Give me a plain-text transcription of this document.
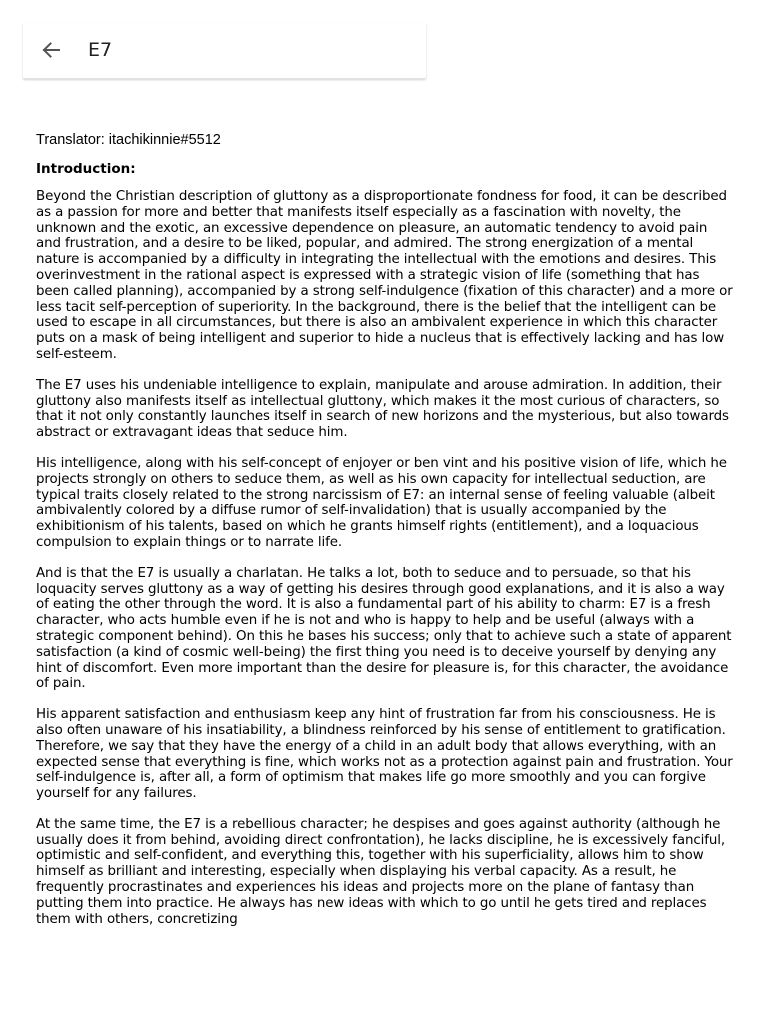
E7
Translator: itachikinnie#5512
Introduction:

Beyond the Christian description of gluttony as a disproportionate fondness for food, it can be described as a passion for more and better that manifests itself especially as a fascination with novelty, the unknown and the exotic, an excessive dependence on pleasure, an automatic tendency to avoid pain and frustration, and a desire to be liked, popular, and admired. The strong energization of a mental nature is accompanied by a difficulty in integrating the intellectual with the emotions and desires. This overinvestment in the rational aspect is expressed with a strategic vision of life (something that has been called planning), accompanied by a strong self-indulgence (fixation of this character) and a more or less tacit self-perception of superiority. In the background, there is the belief that the intelligent can be used to escape in all circumstances, but there is also an ambivalent experience in which this character puts on a mask of being intelligent and superior to hide a nucleus that is effectively lacking and has low self-esteem.

The E7 uses his undeniable intelligence to explain, manipulate and arouse admiration. In addition, their gluttony also manifests itself as intellectual gluttony, which makes it the most curious of characters, so that it not only constantly launches itself in search of new horizons and the mysterious, but also towards abstract or extravagant ideas that seduce him.

His intelligence, along with his self-concept of enjoyer or ben vint and his positive vision of life, which he projects strongly on others to seduce them, as well as his own capacity for intellectual seduction, are typical traits closely related to the strong narcissism of E7: an internal sense of feeling valuable (albeit ambivalently colored by a diffuse rumor of self-invalidation) that is usually accompanied by the exhibitionism of his talents, based on which he grants himself rights (entitlement), and a loquacious compulsion to explain things or to narrate life.

And is that the E7 is usually a charlatan. He talks a lot, both to seduce and to persuade, so that his loquacity serves gluttony as a way of getting his desires through good explanations, and it is also a way of eating the other through the word. It is also a fundamental part of his ability to charm: E7 is a fresh character, who acts humble even if he is not and who is happy to help and be useful (always with a strategic component behind). On this he bases his success; only that to achieve such a state of apparent satisfaction (a kind of cosmic well-being) the first thing you need is to deceive yourself by denying any hint of discomfort. Even more important than the desire for pleasure is, for this character, the avoidance of pain.

His apparent satisfaction and enthusiasm keep any hint of frustration far from his consciousness. He is also often unaware of his insatiability, a blindness reinforced by his sense of entitlement to gratification. Therefore, we say that they have the energy of a child in an adult body that allows everything, with an expected sense that everything is fine, which works not as a protection against pain and frustration. Your self-indulgence is, after all, a form of optimism that makes life go more smoothly and you can forgive yourself for any failures.

At the same time, the E7 is a rebellious character; he despises and goes against authority (although he usually does it from behind, avoiding direct confrontation), he lacks discipline, he is excessively fanciful, optimistic and self-confident, and everything this, together with his superficiality, allows him to show himself as brilliant and interesting, especially when displaying his verbal capacity. As a result, he frequently procrastinates and experiences his ideas and projects more on the plane of fantasy than putting them into practice. He always has new ideas with which to go until he gets tired and replaces them with others, concretizing
